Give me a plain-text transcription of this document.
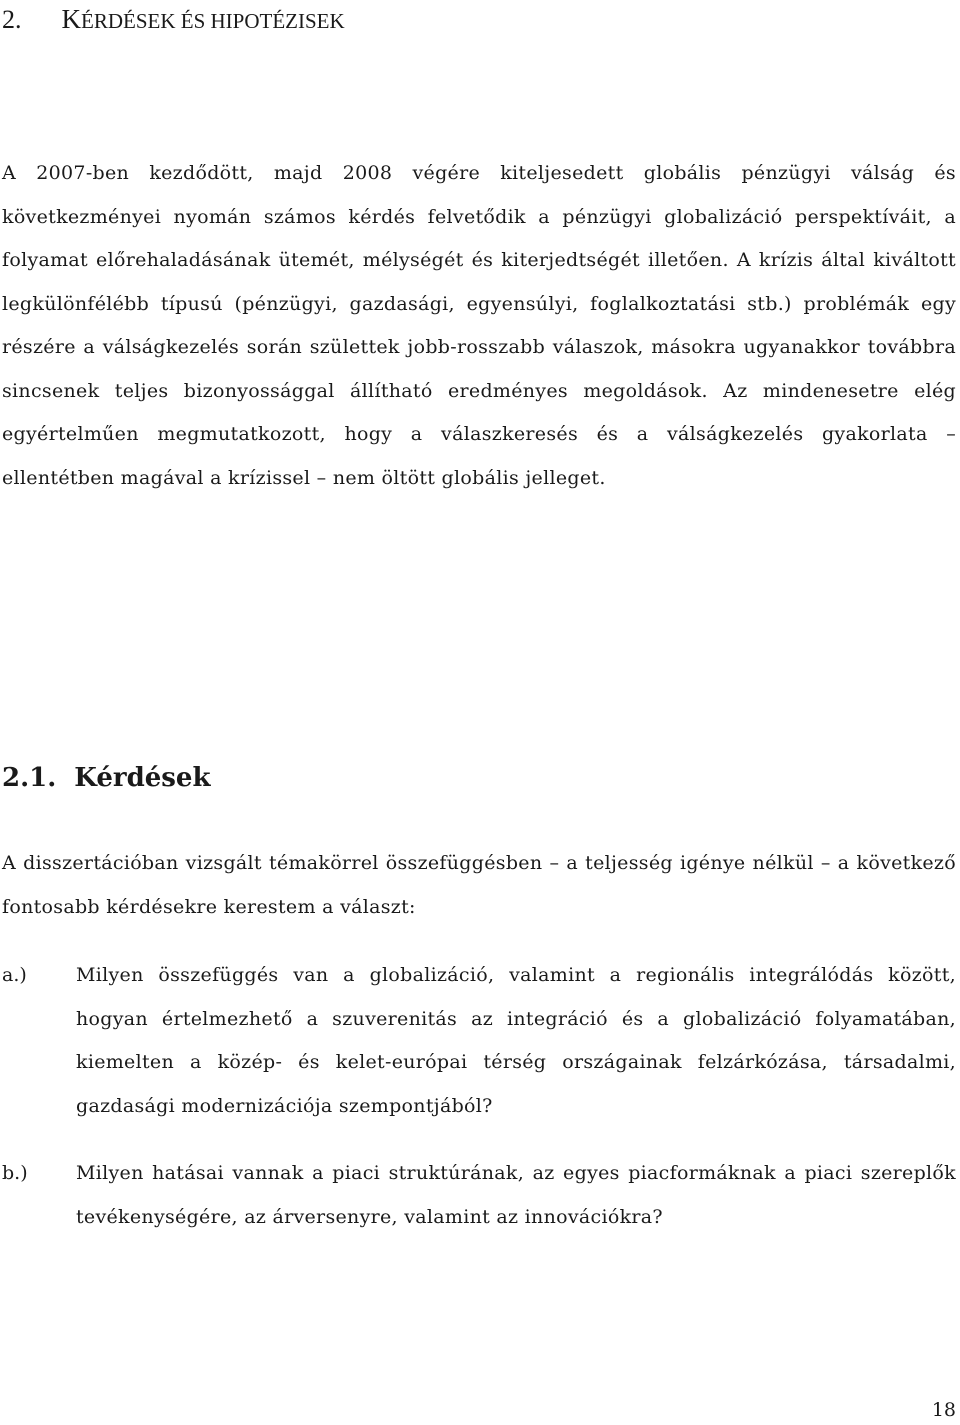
2. KÉRDÉSEK ÉS HIPOTÉZISEK

A 2007-ben kezdődött, majd 2008 végére kiteljesedett globális pénzügyi válság és következményei nyomán számos kérdés felvetődik a pénzügyi globalizáció perspektíváit, a folyamat előrehaladásának ütemét, mélységét és kiterjedtségét illetően. A krízis által kiváltott legkülönfélébb típusú (pénzügyi, gazdasági, egyensúlyi, foglalkoztatási stb.) problémák egy részére a válságkezelés során születtek jobb-rosszabb válaszok, másokra ugyanakkor továbbra sincsenek teljes bizonyossággal állítható eredményes megoldások. Az mindenesetre elég egyértelműen megmutatkozott, hogy a válaszkeresés és a válságkezelés gyakorlata – ellentétben magával a krízissel – nem öltött globális jelleget.

2.1. Kérdések

A disszertációban vizsgált témakörrel összefüggésben – a teljesség igénye nélkül – a következő fontosabb kérdésekre kerestem a választ:

a.)	Milyen összefüggés van a globalizáció, valamint a regionális integrálódás között, hogyan értelmezhető a szuverenitás az integráció és a globalizáció folyamatában, kiemelten a közép- és kelet-európai térség országainak felzárkózása, társadalmi, gazdasági modernizációja szempontjából?

b.)	Milyen hatásai vannak a piaci struktúrának, az egyes piacformáknak a piaci szereplők tevékenységére, az árversenyre, valamint az innovációkra?

18
